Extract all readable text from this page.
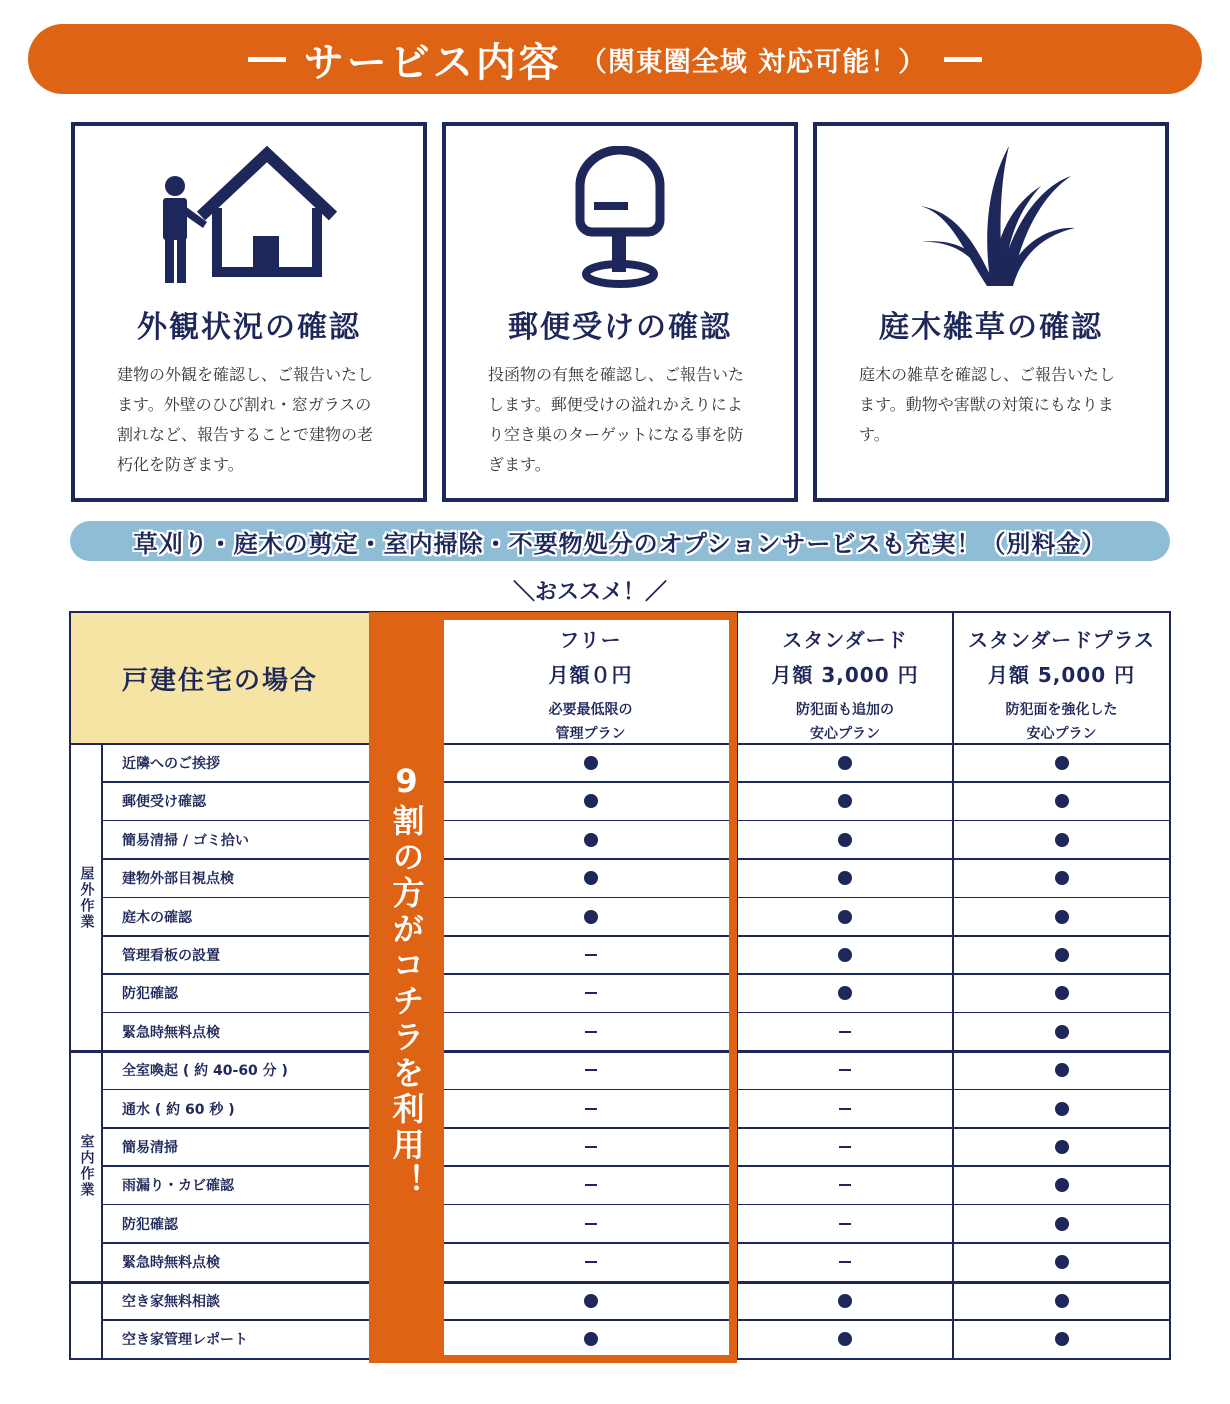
サービス内容 （関東圏全域 対応可能！）
外観状況の確認
建物の外観を確認し、ご報告いたします。外壁のひび割れ・窓ガラスの割れなど、報告することで建物の老朽化を防ぎます。
郵便受けの確認
投函物の有無を確認し、ご報告いたします。郵便受けの溢れかえりにより空き巣のターゲットになる事を防ぎます。
庭木雑草の確認
庭木の雑草を確認し、ご報告いたします。動物や害獣の対策にもなります。
草刈り・庭木の剪定・室内掃除・不要物処分のオプションサービスも充実！（別料金）
＼おススメ！／
戸建住宅の場合
フリー
月額０円
必要最低限の
管理プラン
スタンダード
月額 3,000 円
防犯面も追加の
安心プラン
スタンダードプラス
月額 5,000 円
防犯面を強化した
安心プラン
近隣へのご挨拶
郵便受け確認
簡易清掃 / ゴミ拾い
建物外部目視点検
庭木の確認
管理看板の設置
防犯確認
緊急時無料点検
全室喚起 ( 約 40-60 分 )
通水 ( 約 60 秒 )
簡易清掃
雨漏り・カビ確認
防犯確認
緊急時無料点検
空き家無料相談
空き家管理レポート
屋外作業
室内作業	9割の方がコチラを利用！
